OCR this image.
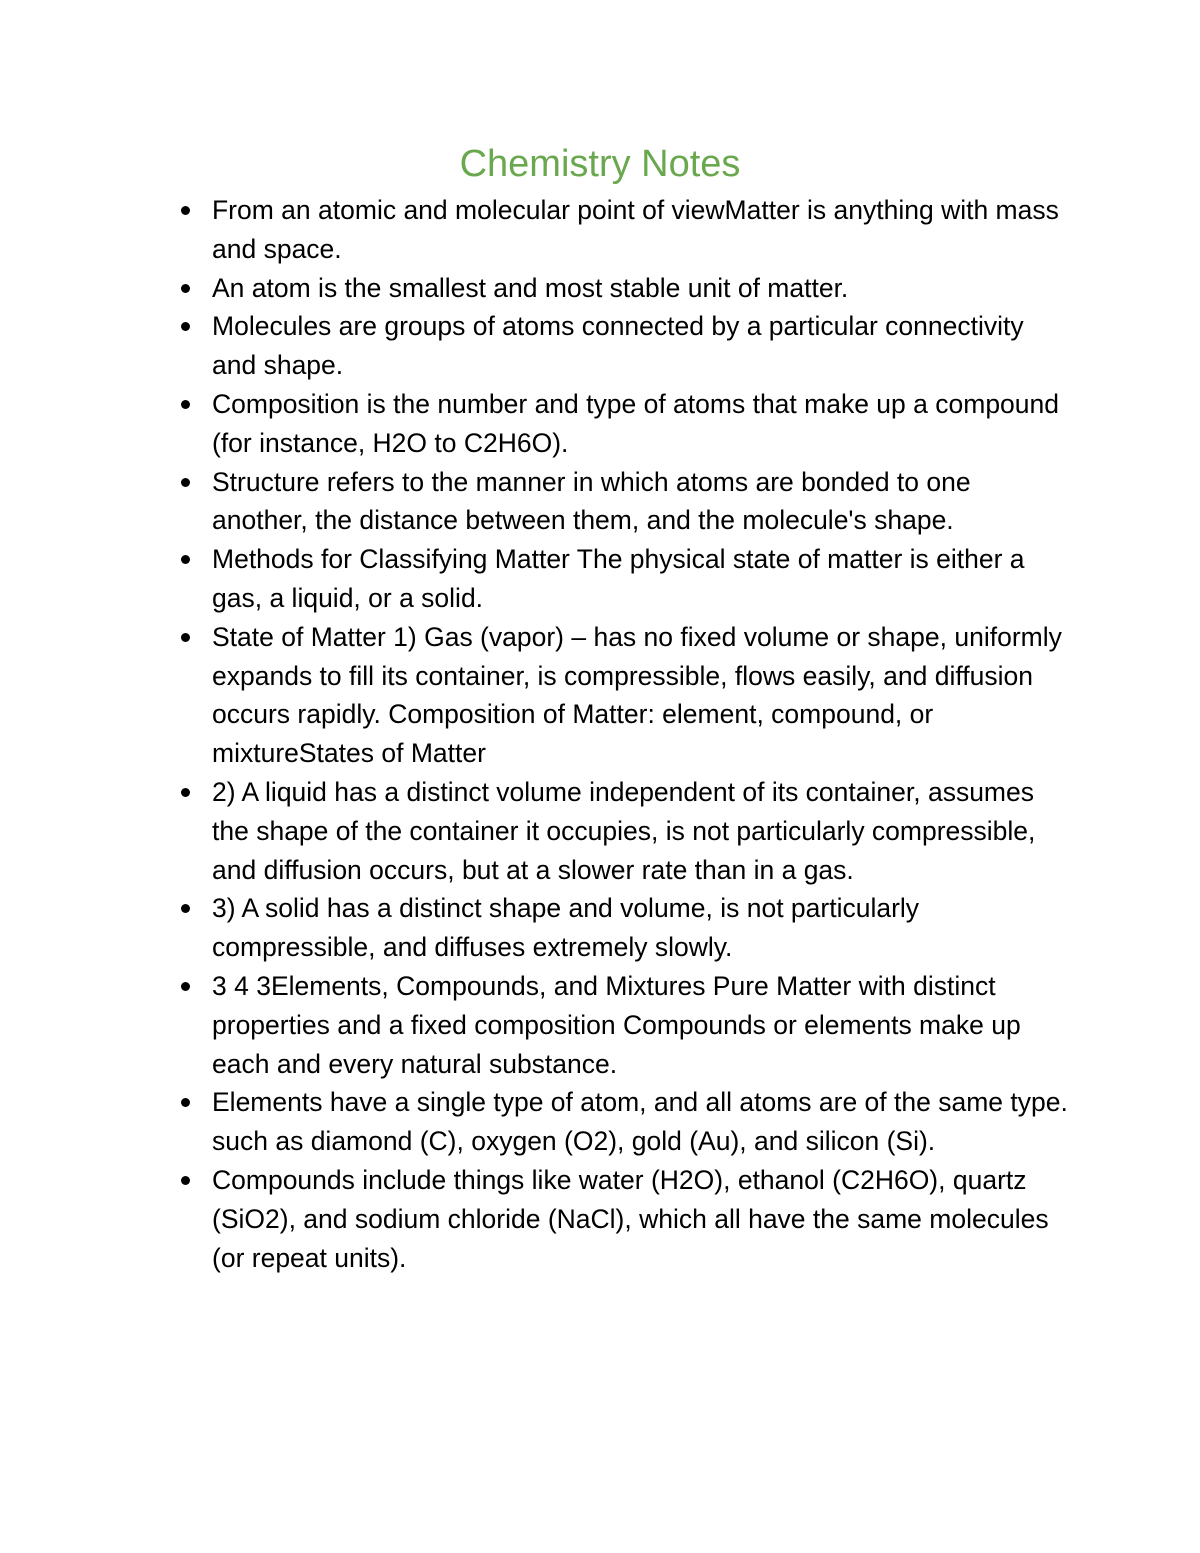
Chemistry Notes
From an atomic and molecular point of viewMatter is anything with mass and space.
An atom is the smallest and most stable unit of matter.
Molecules are groups of atoms connected by a particular connectivity and shape.
Composition is the number and type of atoms that make up a compound (for instance, H2O to C2H6O).
Structure refers to the manner in which atoms are bonded to one another, the distance between them, and the molecule's shape.
Methods for Classifying Matter The physical state of matter is either a gas, a liquid, or a solid.
State of Matter 1) Gas (vapor) – has no fixed volume or shape, uniformly expands to fill its container, is compressible, flows easily, and diffusion occurs rapidly. Composition of Matter: element, compound, or mixtureStates of Matter
2) A liquid has a distinct volume independent of its container, assumes the shape of the container it occupies, is not particularly compressible, and diffusion occurs, but at a slower rate than in a gas.
3) A solid has a distinct shape and volume, is not particularly compressible, and diffuses extremely slowly.
3 4 3Elements, Compounds, and Mixtures Pure Matter with distinct properties and a fixed composition Compounds or elements make up each and every natural substance.
Elements have a single type of atom, and all atoms are of the same type. such as diamond (C), oxygen (O2), gold (Au), and silicon (Si).
Compounds include things like water (H2O), ethanol (C2H6O), quartz (SiO2), and sodium chloride (NaCl), which all have the same molecules (or repeat units).
